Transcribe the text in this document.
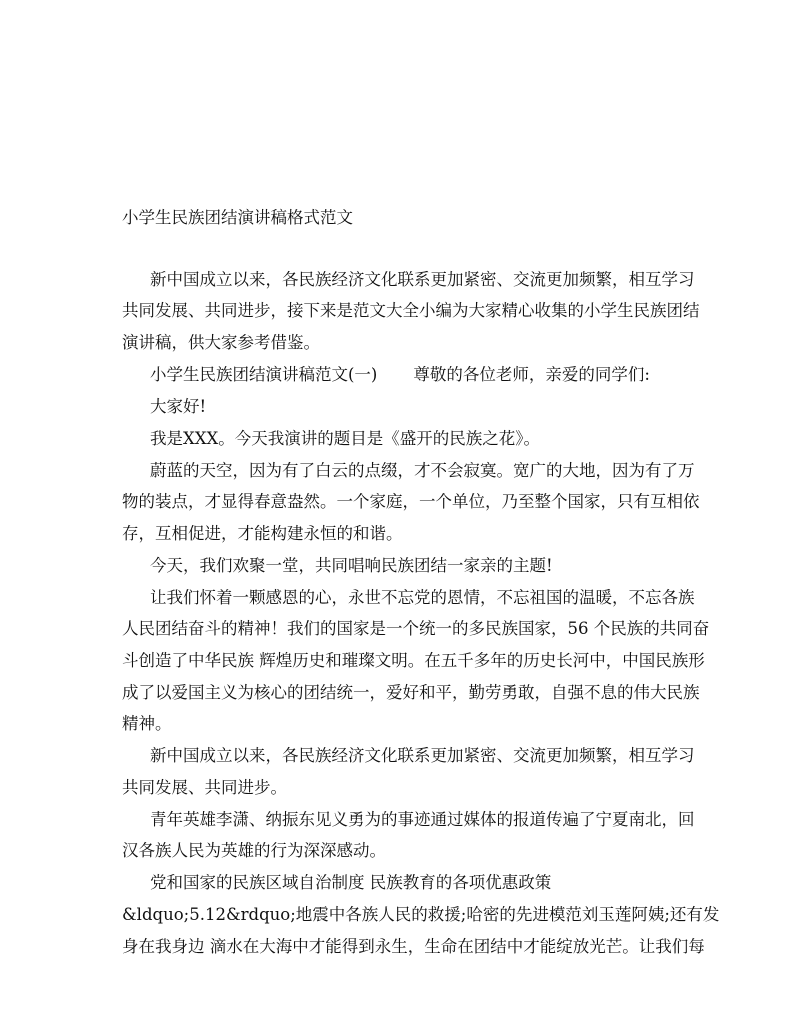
小学生民族团结演讲稿格式范文
新中国成立以来，各民族经济文化联系更加紧密、交流更加频繁，相互学习
共同发展、共同进步，接下来是范文大全小编为大家精心收集的小学生民族团结
演讲稿，供大家参考借鉴。
小学生民族团结演讲稿范文(一) 尊敬的各位老师，亲爱的同学们:
大家好!
我是XXX。今天我演讲的题目是《盛开的民族之花》。
蔚蓝的天空，因为有了白云的点缀，才不会寂寞。宽广的大地，因为有了万
物的装点，才显得春意盎然。一个家庭，一个单位，乃至整个国家，只有互相依
存，互相促进，才能构建永恒的和谐。
今天，我们欢聚一堂，共同唱响民族团结一家亲的主题!
让我们怀着一颗感恩的心，永世不忘党的恩情，不忘祖国的温暖，不忘各族
人民团结奋斗的精神！我们的国家是一个统一的多民族国家，56 个民族的共同奋
斗创造了中华民族 辉煌历史和璀璨文明。在五千多年的历史长河中，中国民族形
成了以爱国主义为核心的团结统一，爱好和平，勤劳勇敢，自强不息的伟大民族
精神。
新中国成立以来，各民族经济文化联系更加紧密、交流更加频繁，相互学习
共同发展、共同进步。
青年英雄李潇、纳振东见义勇为的事迹通过媒体的报道传遍了宁夏南北，回
汉各族人民为英雄的行为深深感动。
党和国家的民族区域自治制度 民族教育的各项优惠政策
&ldquo;5.12&rdquo;地震中各族人民的救援;哈密的先进模范刘玉莲阿姨;还有发
身在我身边 滴水在大海中才能得到永生，生命在团结中才能绽放光芒。让我们每
